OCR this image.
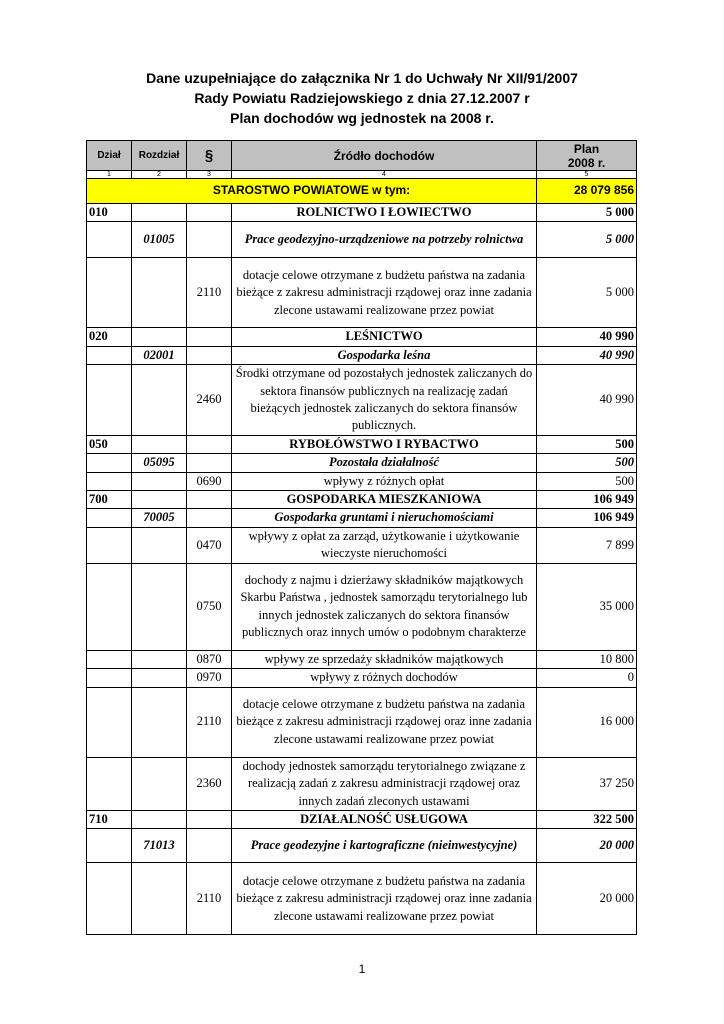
Dane uzupełniające do załącznika Nr 1 do Uchwały Nr XII/91/2007
Rady Powiatu Radziejowskiego z dnia 27.12.2007 r
Plan dochodów wg jednostek na 2008 r.
Dział	Rozdział	§	Źródło dochodów	Plan
2008 r.

1	2	3	4	5
STAROSTWO POWIATOWE w tym:				28 079 856
010			ROLNICTWO I ŁOWIECTWO	5 000
	01005		Prace geodezyjno-urządzeniowe na potrzeby rolnictwa	5 000
		2110	dotacje celowe otrzymane z budżetu państwa na zadania bieżące z zakresu administracji rządowej oraz inne zadania zlecone ustawami realizowane przez powiat	5 000
020			LEŚNICTWO	40 990
	02001		Gospodarka leśna	40 990
		2460	Środki otrzymane od pozostałych jednostek zaliczanych do sektora finansów publicznych na realizację zadań bieżących jednostek zaliczanych do sektora finansów publicznych.	40 990
050			RYBOŁÓWSTWO I RYBACTWO	500
	05095		Pozostała działalność	500
		0690	wpływy z różnych opłat	500
700			GOSPODARKA MIESZKANIOWA	106 949
	70005		Gospodarka gruntami i nieruchomościami	106 949
		0470	wpływy z opłat za zarząd, użytkowanie i użytkowanie wieczyste nieruchomości	7 899
		0750	dochody z najmu i dzierżawy składników majątkowych Skarbu Państwa , jednostek samorządu terytorialnego lub innych jednostek zaliczanych do sektora finansów publicznych oraz innych umów o podobnym charakterze	35 000
		0870	wpływy ze sprzedaży składników majątkowych	10 800
		0970	wpływy z różnych dochodów	0
		2110	dotacje celowe otrzymane z budżetu państwa na zadania bieżące z zakresu administracji rządowej oraz inne zadania zlecone ustawami realizowane przez powiat	16 000
		2360	dochody jednostek samorządu terytorialnego związane z realizacją zadań z zakresu administracji rządowej oraz innych zadań zleconych ustawami	37 250
710			DZIAŁALNOŚĆ USŁUGOWA	322 500
	71013		Prace geodezyjne i kartograficzne (nieinwestycyjne)	20 000
		2110	dotacje celowe otrzymane z budżetu państwa na zadania bieżące z zakresu administracji rządowej oraz inne zadania zlecone ustawami realizowane przez powiat	20 000
1
